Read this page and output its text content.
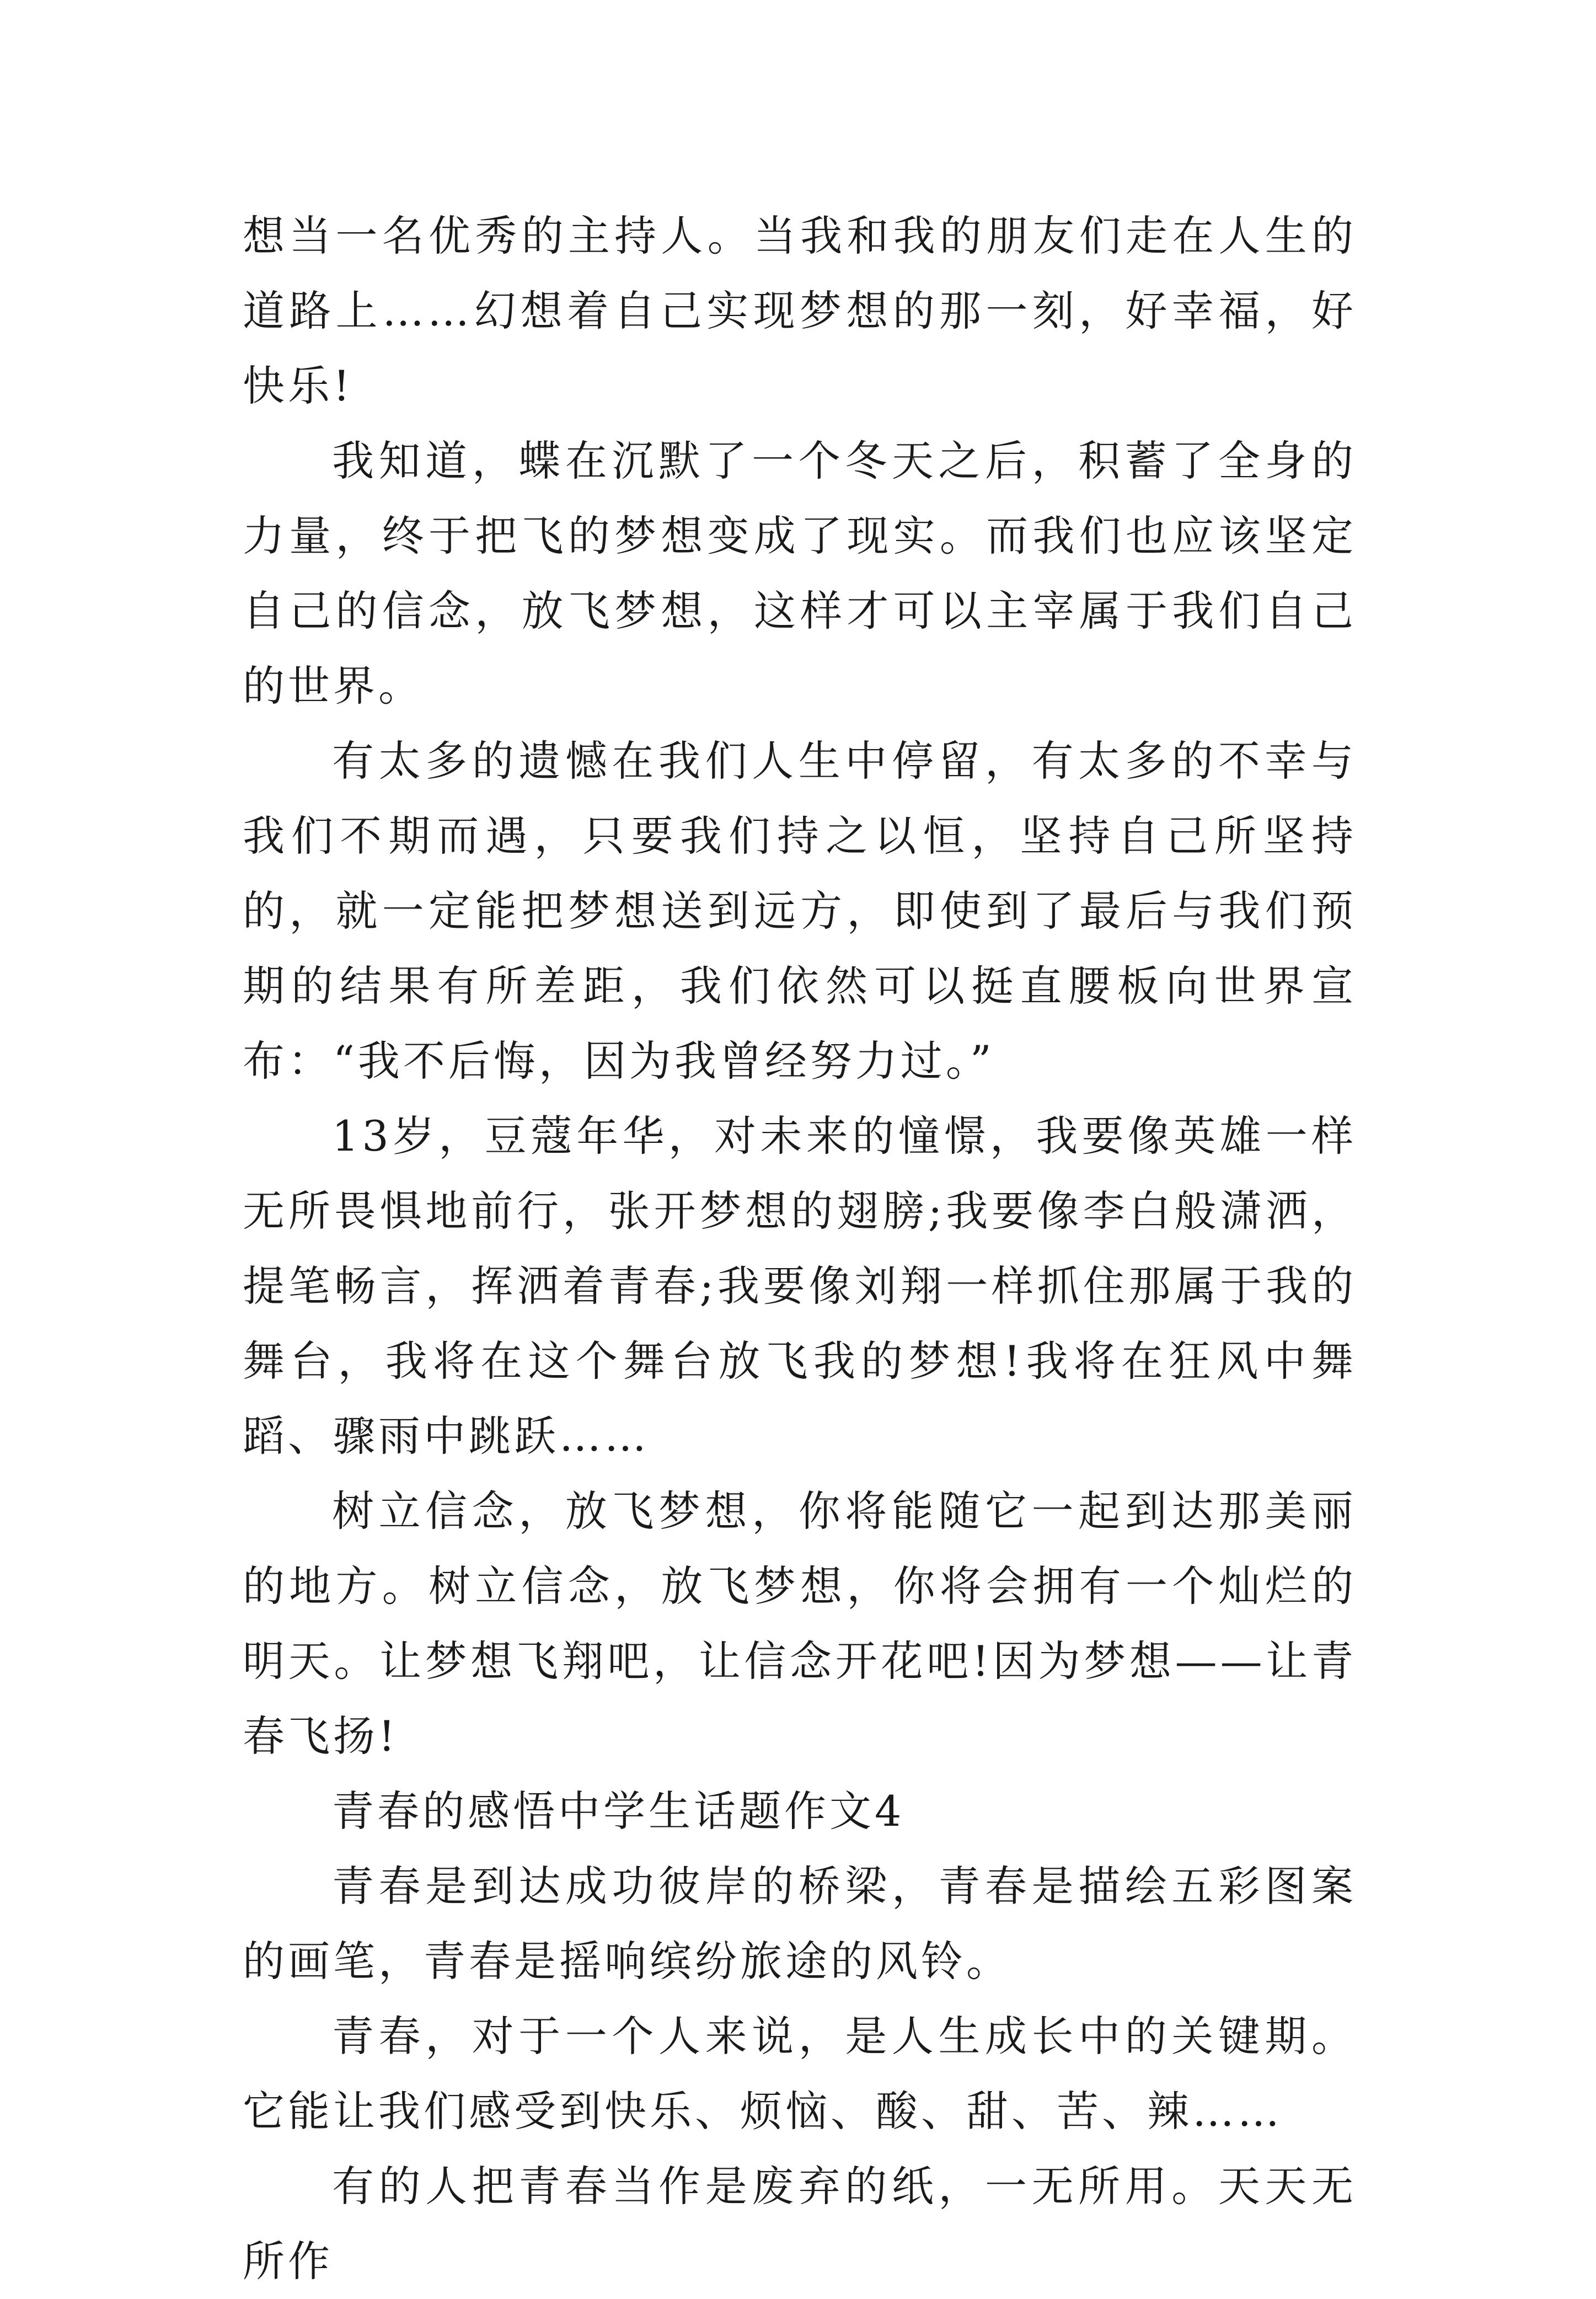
想当一名优秀的主持人。当我和我的朋友们走在人生的道路上……幻想着自己实现梦想的那一刻，好幸福，好快乐!

我知道，蝶在沉默了一个冬天之后，积蓄了全身的力量，终于把飞的梦想变成了现实。而我们也应该坚定自己的信念，放飞梦想，这样才可以主宰属于我们自己的世界。

有太多的遗憾在我们人生中停留，有太多的不幸与我们不期而遇，只要我们持之以恒，坚持自己所坚持的，就一定能把梦想送到远方，即使到了最后与我们预期的结果有所差距，我们依然可以挺直腰板向世界宣布：“我不后悔，因为我曾经努力过。”

13岁，豆蔻年华，对未来的憧憬，我要像英雄一样无所畏惧地前行，张开梦想的翅膀;我要像李白般潇洒，提笔畅言，挥洒着青春;我要像刘翔一样抓住那属于我的舞台，我将在这个舞台放飞我的梦想!我将在狂风中舞蹈、骤雨中跳跃……

树立信念，放飞梦想，你将能随它一起到达那美丽的地方。树立信念，放飞梦想，你将会拥有一个灿烂的明天。让梦想飞翔吧，让信念开花吧!因为梦想——让青春飞扬!

青春的感悟中学生话题作文4

青春是到达成功彼岸的桥梁，青春是描绘五彩图案的画笔，青春是摇响缤纷旅途的风铃。

青春，对于一个人来说，是人生成长中的关键期。它能让我们感受到快乐、烦恼、酸、甜、苦、辣……

有的人把青春当作是废弃的纸，一无所用。天天无所作
